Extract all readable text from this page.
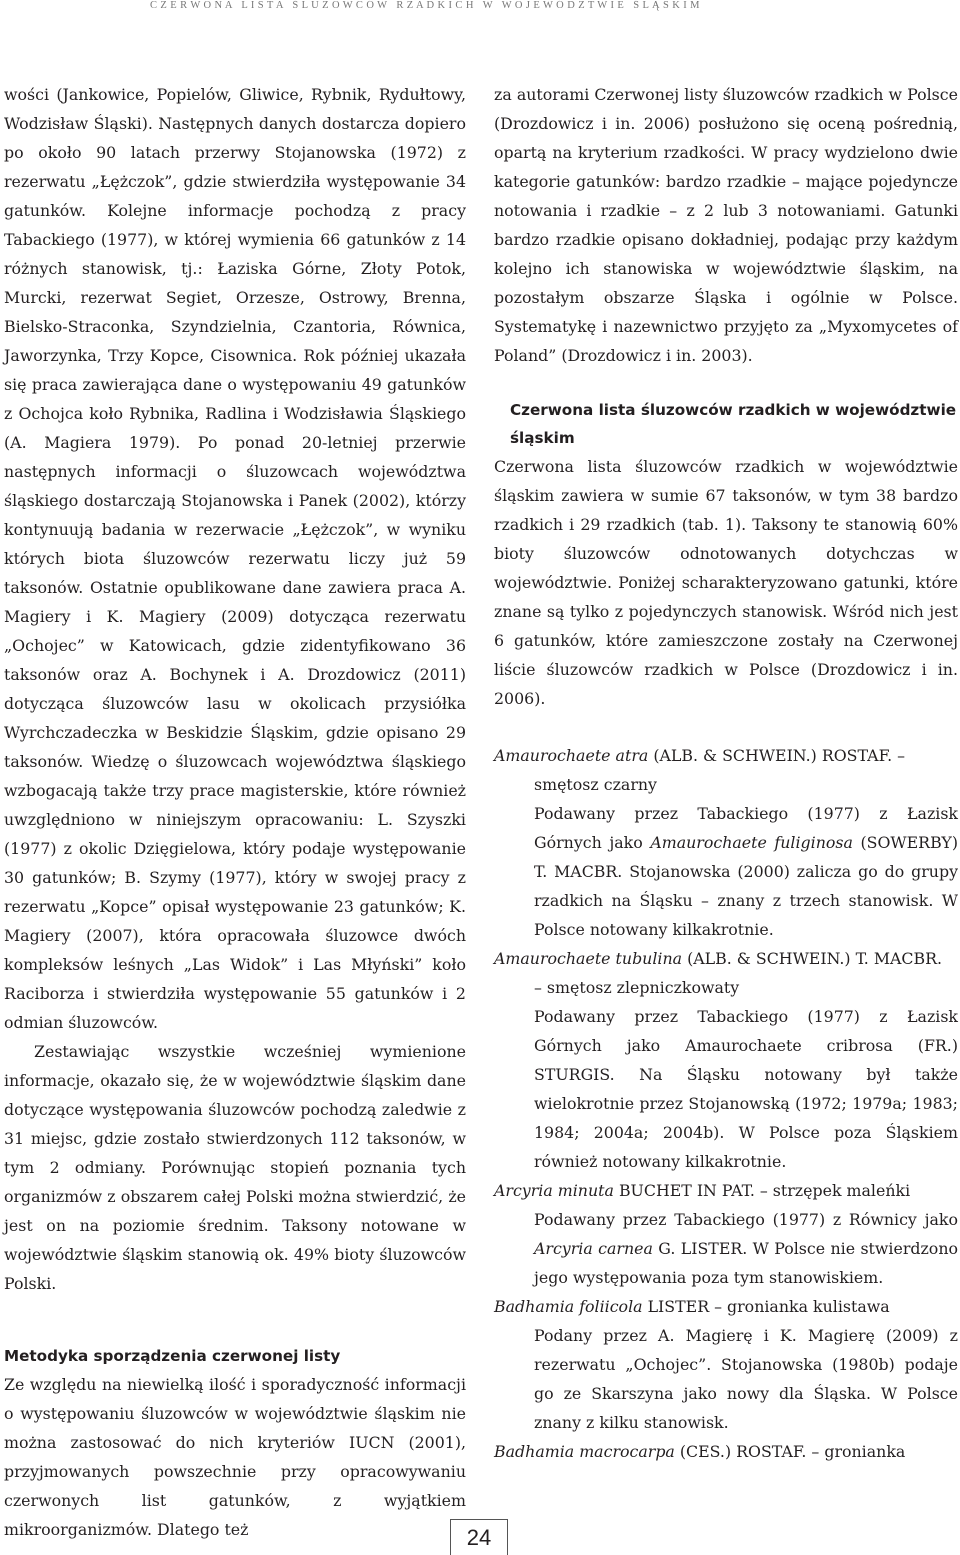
C Z E R W O N A   L I S T A   Ś L U Z O W C Ó W   R Z A D K I C H   W   W O J E W Ó D Z T W I E   Ś L Ą S K I M

wości (Jankowice, Popielów, Gliwice, Rybnik, Rydułtowy, Wodzisław Śląski). Następnych danych dostarcza dopiero po około 90 latach przerwy Stojanowska (1972) z rezerwatu „Łężczok”, gdzie stwierdziła występowanie 34 gatunków. Kolejne informacje pochodzą z pracy Tabackiego (1977), w której wymienia 66 gatunków z 14 różnych stanowisk, tj.: Łaziska Górne, Złoty Potok, Murcki, rezerwat Segiet, Orzesze, Ostrowy, Brenna, Bielsko-Straconka, Szyndzielnia, Czantoria, Równica, Jaworzynka, Trzy Kopce, Cisownica. Rok później ukazała się praca zawierająca dane o występowaniu 49 gatunków z Ochojca koło Rybnika, Radlina i Wodzisławia Śląskiego (A. Magiera 1979). Po ponad 20-letniej przerwie następnych informacji o śluzowcach województwa śląskiego dostarczają Stojanowska i Panek (2002), którzy kontynuują badania w rezerwacie „Łężczok”, w wyniku których biota śluzowców rezerwatu liczy już 59 taksonów. Ostatnie opublikowane dane zawiera praca A. Magiery i K. Magiery (2009) dotycząca rezerwatu „Ochojec” w Katowicach, gdzie zidentyfikowano 36 taksonów oraz A. Bochynek i A. Drozdowicz (2011) dotycząca śluzowców lasu w okolicach przysiółka Wyrchczadeczka w Beskidzie Śląskim, gdzie opisano 29 taksonów. Wiedzę o śluzowcach województwa śląskiego wzbogacają także trzy prace magisterskie, które również uwzględniono w niniejszym opracowaniu: L. Szyszki (1977) z okolic Dzięgielowa, który podaje występowanie 30 gatunków; B. Szymy (1977), który w swojej pracy z rezerwatu „Kopce” opisał występowanie 23 gatunków; K. Magiery (2007), która opracowała śluzowce dwóch kompleksów leśnych „Las Widok” i Las Młyński” koło Raciborza i stwierdziła występowanie 55 gatunków i 2 odmian śluzowców.

Zestawiając wszystkie wcześniej wymienione informacje, okazało się, że w województwie śląskim dane dotyczące występowania śluzowców pochodzą zaledwie z 31 miejsc, gdzie zostało stwierdzonych 112 taksonów, w tym 2 odmiany. Porównując stopień poznania tych organizmów z obszarem całej Polski można stwierdzić, że jest on na poziomie średnim. Taksony notowane w województwie śląskim stanowią ok. 49% bioty śluzowców Polski.

Metodyka sporządzenia czerwonej listy

Ze względu na niewielką ilość i sporadyczność informacji o występowaniu śluzowców w województwie śląskim nie można zastosować do nich kryteriów IUCN (2001), przyjmowanych powszechnie przy opracowywaniu czerwonych list gatunków, z wyjątkiem mikroorganizmów. Dlatego też

za autorami Czerwonej listy śluzowców rzadkich w Polsce (Drozdowicz i in. 2006) posłużono się oceną pośrednią, opartą na kryterium rzadkości. W pracy wydzielono dwie kategorie gatunków: bardzo rzadkie – mające pojedyncze notowania i rzadkie – z 2 lub 3 notowaniami. Gatunki bardzo rzadkie opisano dokładniej, podając przy każdym kolejno ich stanowiska w województwie śląskim, na pozostałym obszarze Śląska i ogólnie w Polsce. Systematykę i nazewnictwo przyjęto za „Myxomycetes of Poland” (Drozdowicz i in. 2003).

Czerwona lista śluzowców rzadkich w województwie śląskim

Czerwona lista śluzowców rzadkich w województwie śląskim zawiera w sumie 67 taksonów, w tym 38 bardzo rzadkich i 29 rzadkich (tab. 1). Taksony te stanowią 60% bioty śluzowców odnotowanych dotychczas w województwie. Poniżej scharakteryzowano gatunki, które znane są tylko z pojedynczych stanowisk. Wśród nich jest 6 gatunków, które zamieszczone zostały na Czerwonej liście śluzowców rzadkich w Polsce (Drozdowicz i in. 2006).

Amaurochaete atra (ALB. & SCHWEIN.) ROSTAF. –
smętosz czarny
Podawany przez Tabackiego (1977) z Łazisk Górnych jako Amaurochaete fuliginosa (SOWERBY) T. MACBR. Stojanowska (2000) zalicza go do grupy rzadkich na Śląsku – znany z trzech stanowisk. W Polsce notowany kilkakrotnie.
Amaurochaete tubulina (ALB. & SCHWEIN.) T. MACBR.
– smętosz zlepniczkowaty
Podawany przez Tabackiego (1977) z Łazisk Górnych jako Amaurochaete cribrosa (FR.) STURGIS. Na Śląsku notowany był także wielokrotnie przez Stojanowską (1972; 1979a; 1983; 1984; 2004a; 2004b). W Polsce poza Śląskiem również notowany kilkakrotnie.
Arcyria minuta BUCHET IN PAT. – strzępek maleńki
Podawany przez Tabackiego (1977) z Równicy jako Arcyria carnea G. LISTER. W Polsce nie stwierdzono jego występowania poza tym stanowiskiem.
Badhamia foliicola LISTER – gronianka kulistawa
Podany przez A. Magierę i K. Magierę (2009) z rezerwatu „Ochojec”. Stojanowska (1980b) podaje go ze Skarszyna jako nowy dla Śląska. W Polsce znany z kilku stanowisk.
Badhamia macrocarpa (CES.) ROSTAF. – gronianka
24
